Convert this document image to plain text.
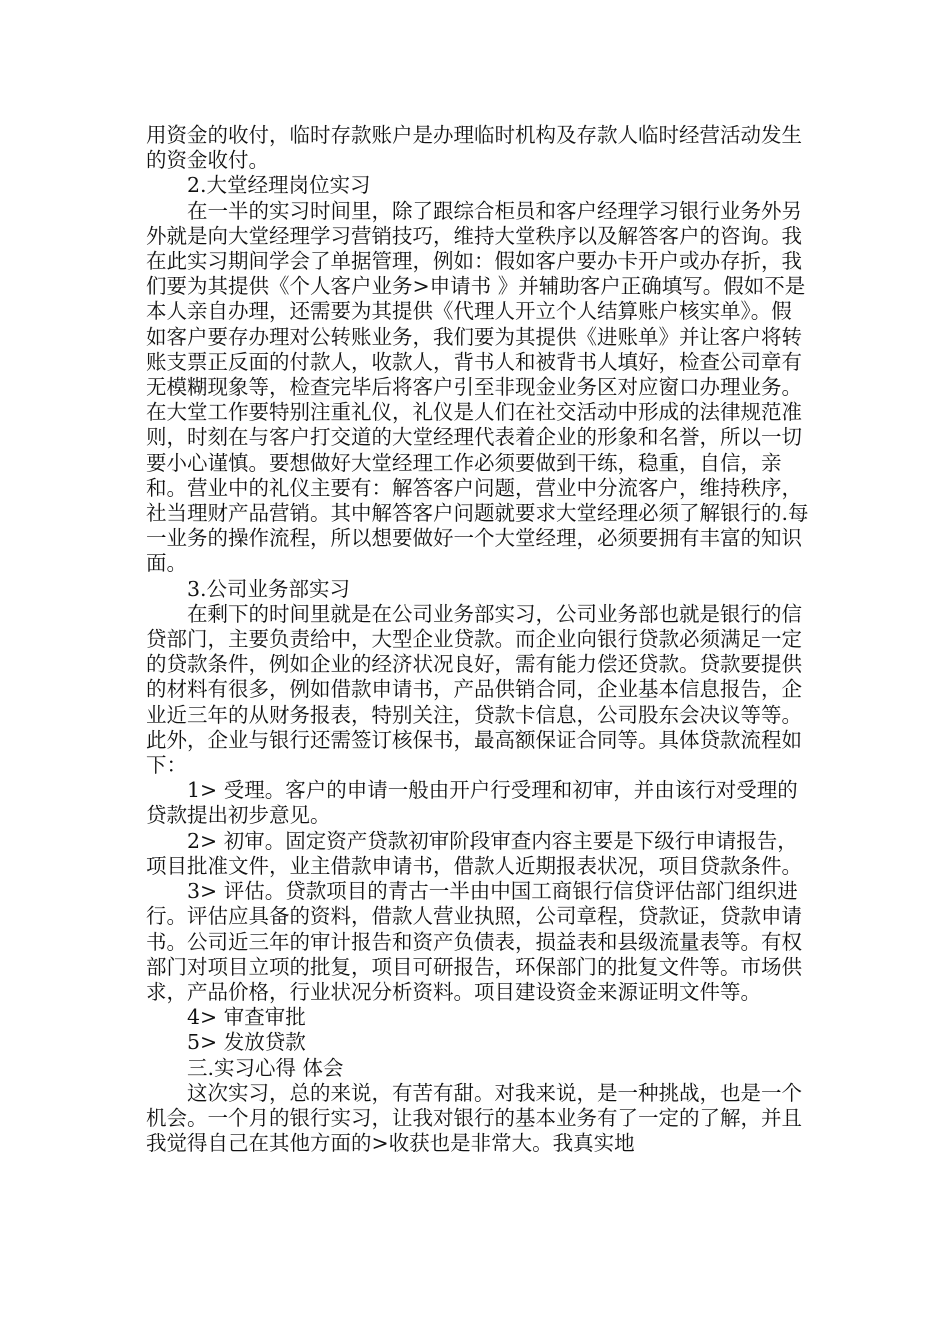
用资金的收付，临时存款账户是办理临时机构及存款人临时经营活动发生的资金收付。

2.大堂经理岗位实习

在一半的实习时间里，除了跟综合柜员和客户经理学习银行业务外另外就是向大堂经理学习营销技巧，维持大堂秩序以及解答客户的咨询。我在此实习期间学会了单据管理，例如：假如客户要办卡开户或办存折，我们要为其提供《个人客户业务>申请书 》并辅助客户正确填写。假如不是本人亲自办理，还需要为其提供《代理人开立个人结算账户核实单》。假如客户要存办理对公转账业务，我们要为其提供《进账单》并让客户将转账支票正反面的付款人，收款人，背书人和被背书人填好，检查公司章有无模糊现象等，检查完毕后将客户引至非现金业务区对应窗口办理业务。在大堂工作要特别注重礼仪，礼仪是人们在社交活动中形成的法律规范准则，时刻在与客户打交道的大堂经理代表着企业的形象和名誉，所以一切要小心谨慎。要想做好大堂经理工作必须要做到干练，稳重，自信，亲和。营业中的礼仪主要有：解答客户问题，营业中分流客户，维持秩序，社当理财产品营销。其中解答客户问题就要求大堂经理必须了解银行的.每一业务的操作流程，所以想要做好一个大堂经理，必须要拥有丰富的知识面。

3.公司业务部实习

在剩下的时间里就是在公司业务部实习，公司业务部也就是银行的信贷部门，主要负责给中，大型企业贷款。而企业向银行贷款必须满足一定的贷款条件，例如企业的经济状况良好，需有能力偿还贷款。贷款要提供的材料有很多，例如借款申请书，产品供销合同，企业基本信息报告，企业近三年的从财务报表，特别关注，贷款卡信息，公司股东会决议等等。此外，企业与银行还需签订核保书，最高额保证合同等。具体贷款流程如下：

1> 受理。客户的申请一般由开户行受理和初审，并由该行对受理的贷款提出初步意见。

2> 初审。固定资产贷款初审阶段审查内容主要是下级行申请报告，项目批准文件，业主借款申请书，借款人近期报表状况，项目贷款条件。

3> 评估。贷款项目的青古一半由中国工商银行信贷评估部门组织进行。评估应具备的资料，借款人营业执照，公司章程，贷款证，贷款申请书。公司近三年的审计报告和资产负债表，损益表和县级流量表等。有权部门对项目立项的批复，项目可研报告，环保部门的批复文件等。市场供求，产品价格，行业状况分析资料。项目建设资金来源证明文件等。

4> 审查审批

5> 发放贷款

三.实习心得 体会

这次实习，总的来说，有苦有甜。对我来说，是一种挑战，也是一个机会。一个月的银行实习，让我对银行的基本业务有了一定的了解，并且我觉得自己在其他方面的>收获也是非常大。我真实地
